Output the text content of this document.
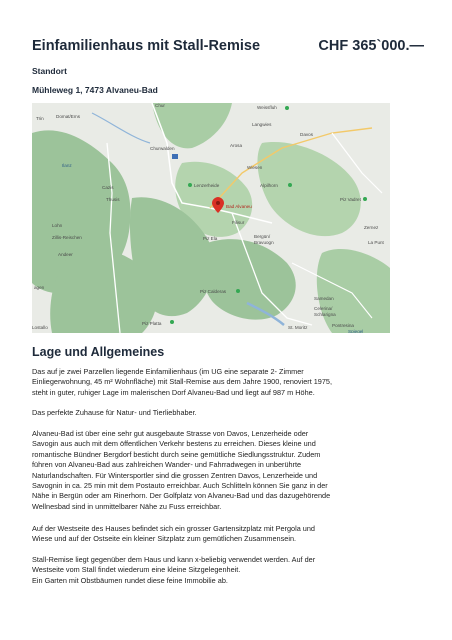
Einfamilienhaus mit Stall-Remise	CHF 365`000.—
Standort
Mühleweg 1, 7473 Alvaneu-Bad
Chur
Trin	Domat/Ems
Weissfluh
Langwies
Davos
Churwalden
Arosa
Cazis
Thusis
Lenzerheide
Wiesen
Alpilhorn
Piz Vadret
Filisur
Piz Ela	Bergün/
Bravuogn
Lohn
Zillis-Reischen
Andeer
Zernez
La Punt
Piz Calderas
Samedan
Celerina/
Schlarigna
St. Moritz	Pontresina
Piz Platta
agen
Lostallo
Ilanz
Spiegel
Bad Alvaneu
Lage und Allgemeines
Das auf je zwei Parzellen liegende Einfamilienhaus (im UG eine separate 2- Zimmer
Einliegerwohnung, 45 m² Wohnfläche) mit Stall-Remise aus dem Jahre 1900, renoviert 1975,
steht in guter, ruhiger Lage im malerischen Dorf Alvaneu-Bad und liegt auf 987 m Höhe.
Das perfekte Zuhause für Natur- und Tierliebhaber.
Alvaneu-Bad ist über eine sehr gut ausgebaute Strasse von Davos, Lenzerheide oder
Savogin aus auch mit dem öffentlichen Verkehr bestens zu erreichen. Dieses kleine und
romantische Bündner Bergdorf besticht durch seine gemütliche Siedlungsstruktur. Zudem
führen von Alvaneu-Bad aus zahlreichen Wander- und Fahrradwegen in unberührte
Naturlandschaften. Für Wintersportler sind die grossen Zentren Davos, Lenzerheide und
Savognin in ca. 25 min mit dem Postauto erreichbar. Auch Schlitteln können Sie ganz in der
Nähe in Bergün oder am Rinerhorn. Der Golfplatz von Alvaneu-Bad und das dazugehörende
Wellnesbad sind in unmittelbarer Nähe zu Fuss erreichbar.
Auf der Westseite des Hauses befindet sich ein grosser Gartensitzplatz mit Pergola und
Wiese und auf der Ostseite ein kleiner Sitzplatz zum gemütlichen Zusammensein.
Stall-Remise liegt gegenüber dem Haus und kann x-beliebig verwendet werden. Auf der
Westseite vom Stall findet wiederum eine kleine Sitzgelegenheit.
Ein Garten mit Obstbäumen rundet diese feine Immobilie ab.
